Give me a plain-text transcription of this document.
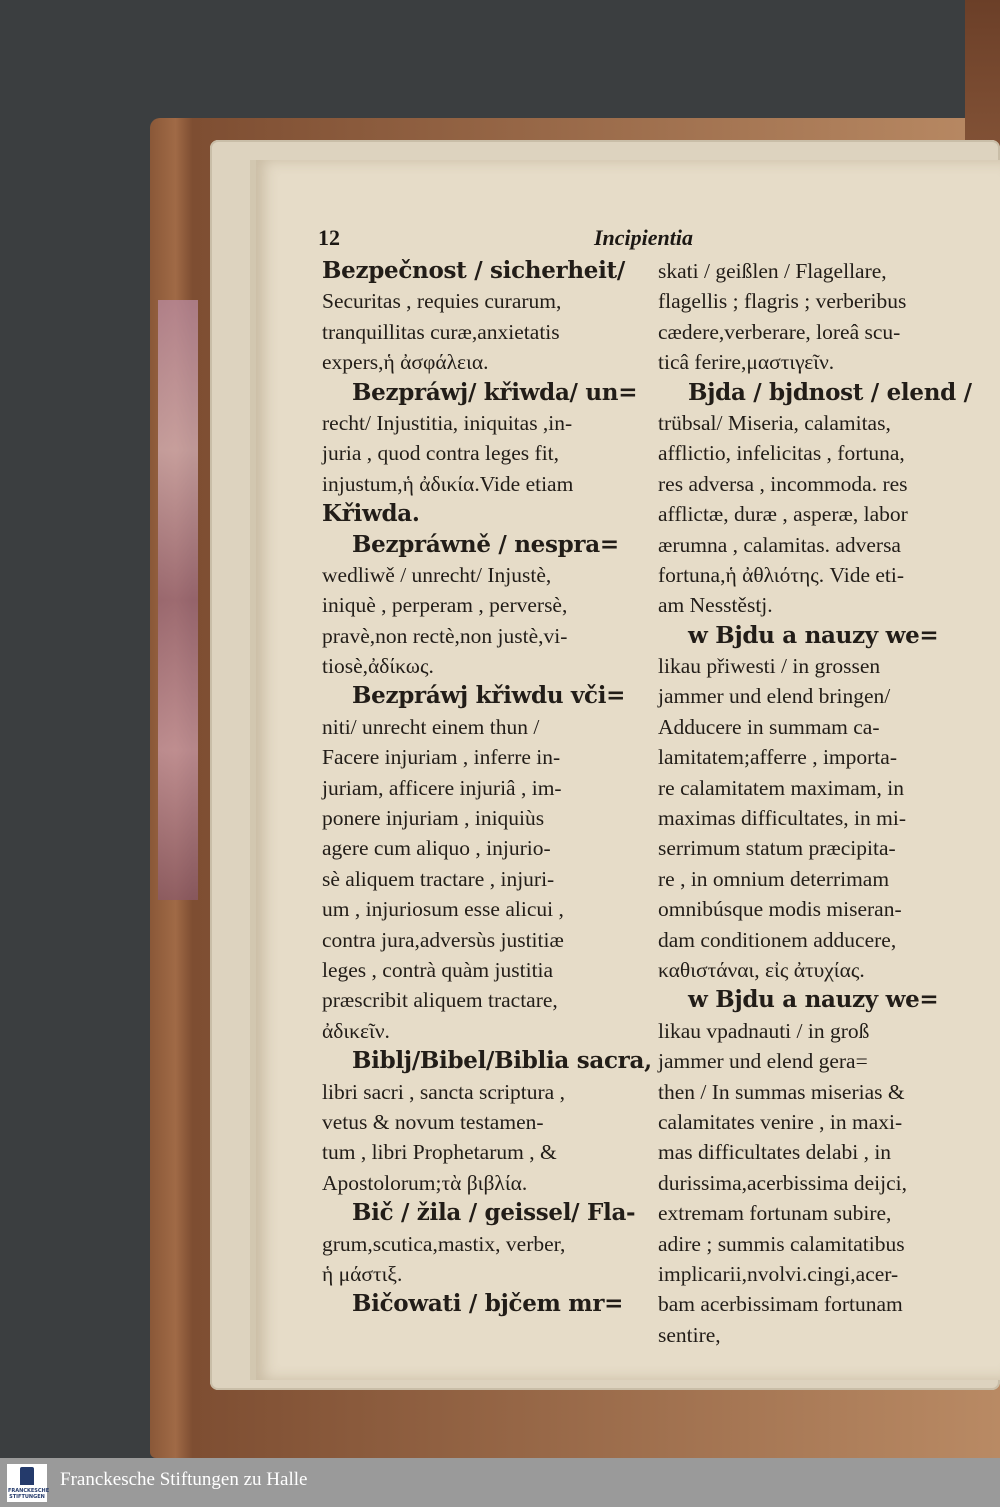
12	Incipientia
Bezpečnost / sicherheit/
Securitas , requies curarum,
tranquillitas curæ,anxietatis
expers,ἡ ἀσφάλεια.
Bezpráwj/ křiwda/ un=
recht/ Injustitia, iniquitas ,in-
juria , quod contra leges fit,
injustum,ἡ ἀδικία.Vide etiam
Křiwda.
Bezpráwně / nespra=
wedliwě / unrecht/ Injustè,
iniquè , perperam , perversè,
pravè,non rectè,non justè,vi-
tiosè,ἀδίκως.
Bezpráwj křiwdu vči=
niti/ unrecht einem thun /
Facere injuriam , inferre in-
juriam, afficere injuriâ , im-
ponere injuriam , iniquiùs
agere cum aliquo , injurio-
sè aliquem tractare , injuri-
um , injuriosum esse alicui ,
contra jura,adversùs justitiæ
leges , contrà quàm justitia
præscribit aliquem tractare,
ἀδικεῖν.
Biblj/Bibel/Biblia sacra,
libri sacri , sancta scriptura ,
vetus & novum testamen-
tum , libri Prophetarum , &
Apostolorum;τὰ βιβλία.
Bič / žila / geissel/ Fla-
grum,scutica,mastix, verber,
ἡ μάστιξ.
Bičowati / bjčem mr=
skati / geißlen / Flagellare,
flagellis ; flagris ; verberibus
cædere,verberare, loreâ scu-
ticâ ferire,μαστιγεῖν.
Bjda / bjdnost / elend /
trübsal/ Miseria, calamitas,
afflictio, infelicitas , fortuna,
res adversa , incommoda. res
afflictæ, duræ , asperæ, labor
ærumna , calamitas. adversa
fortuna,ἡ ἀθλιότης. Vide eti-
am Nesstěstj.
w Bjdu a nauzy we=
likau přiwesti / in grossen
jammer und elend bringen/
Adducere in summam ca-
lamitatem;afferre , importa-
re calamitatem maximam, in
maximas difficultates, in mi-
serrimum statum præcipita-
re , in omnium deterrimam
omnibúsque modis miseran-
dam conditionem adducere,
καθιστάναι, εἰς ἀτυχίας.
w Bjdu a nauzy we=
likau vpadnauti / in groß
jammer und elend gera=
then / In summas miserias &
calamitates venire , in maxi-
mas difficultates delabi , in
durissima,acerbissima deijci,
extremam fortunam subire,
adire ; summis calamitatibus
implicarii,nvolvi.cingi,acer-
bam acerbissimam fortunam
sentire,
FRANCKESCHE STIFTUNGEN
Franckesche Stiftungen zu Halle
